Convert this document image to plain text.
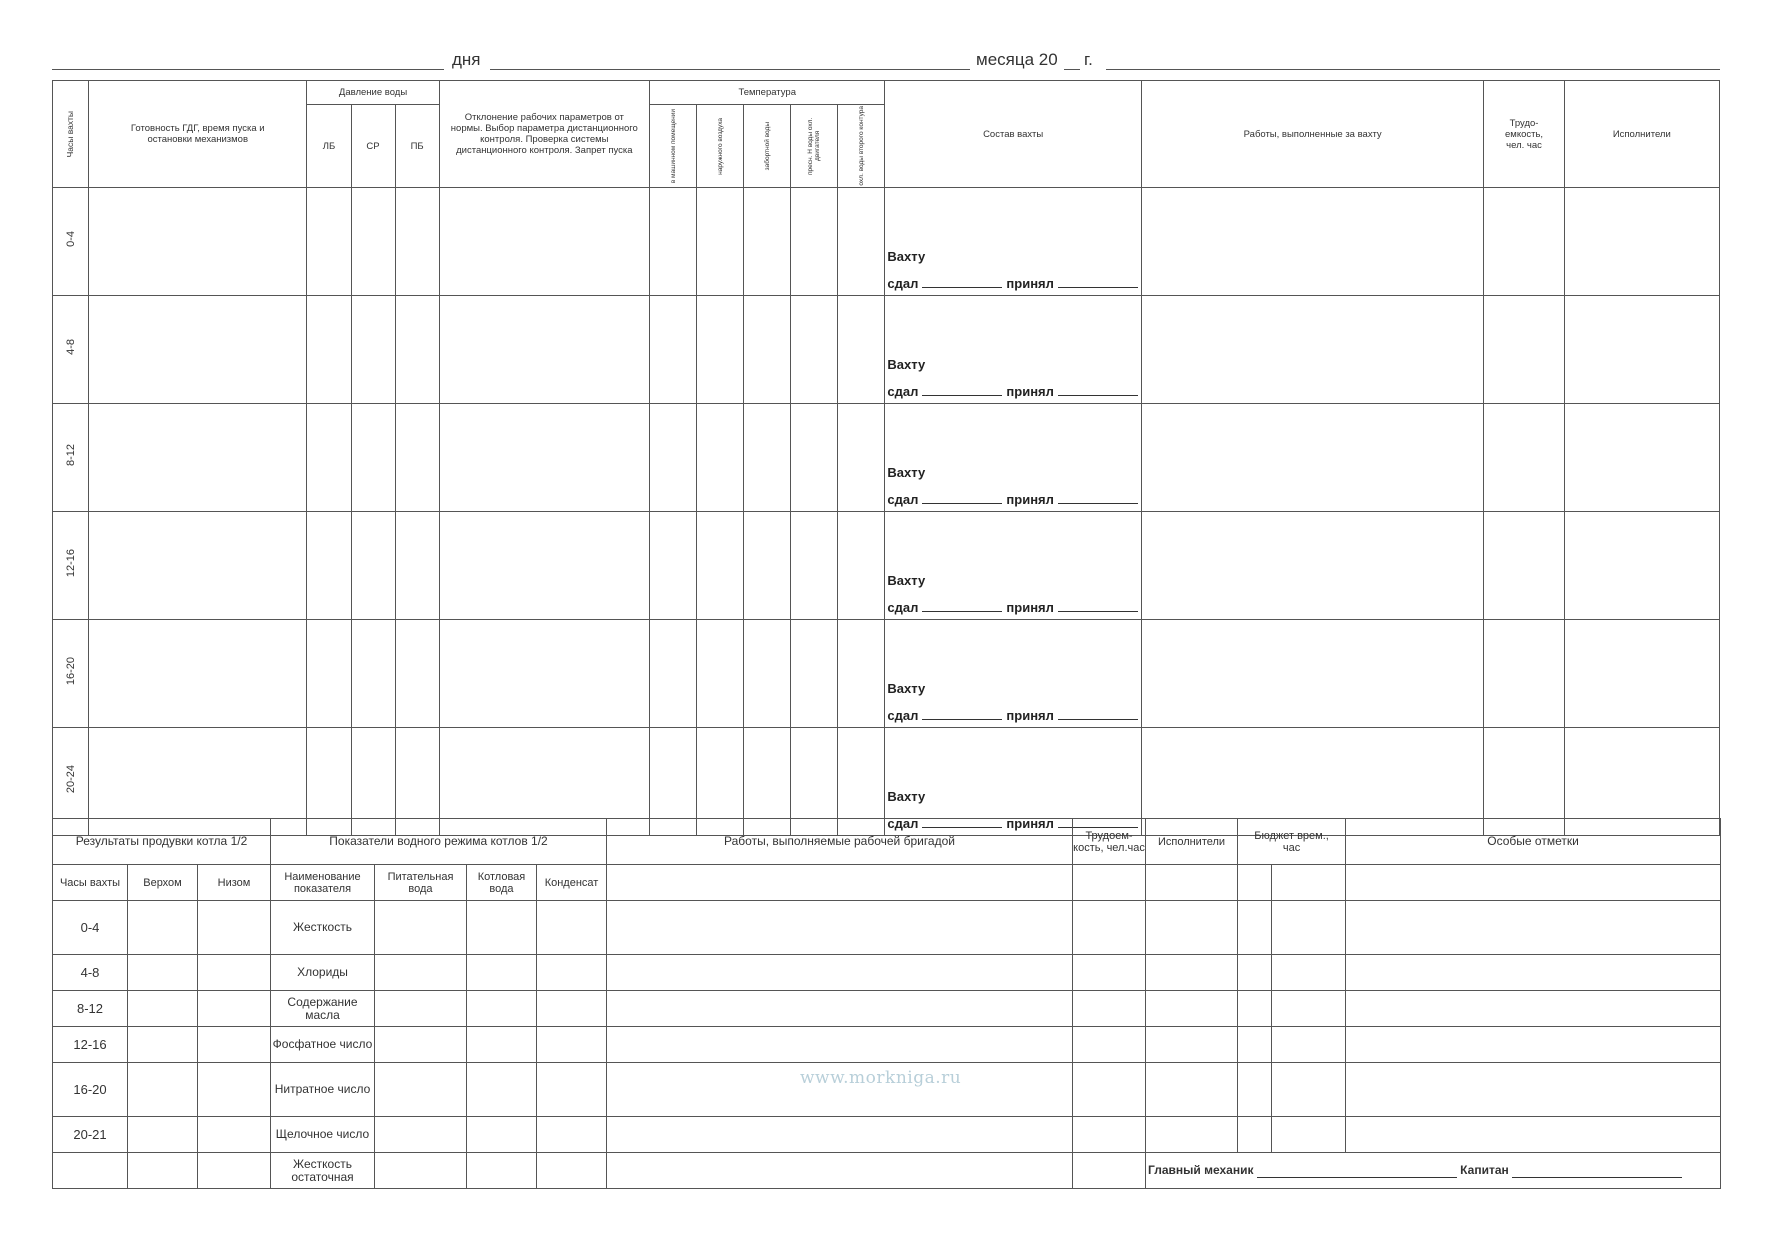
дня	месяца 20 г.
Часы вахты	Готовность ГДГ, время пуска и остановки механизмов	Давление воды			Отклонение рабочих параметров от нормы. Выбор параметра дистанционного контроля. Проверка системы дистанционного контроля. Запрет пуска	Температура					Состав вахты	Работы, выполненные за вахту	Трудо-емкость, чел. час	Исполнители
		ЛБ	СР	ПБ		в машинном помещении	наружного воздуха	забортной воды	пресн. H воды охл. двигателя	охл. воды второго контура				

0-4											Вахту
сдал принял			

4-8											Вахту
сдал принял			

8-12											Вахту
сдал принял			

12-16											Вахту
сдал принял			

16-20											Вахту
сдал принял			

20-24											Вахту
сдал принял			

Результаты продувки котла 1/2			Показатели водного режима котлов 1/2				Работы, выполняемые рабочей бригадой	Трудоем-кость, чел.час	Исполнители	Бюджет врем., час		Особые отметки
Часы вахты	Верхом	Низом	Наименование показателя	Питательная вода	Котловая вода	Конденсат						
0-4			Жесткость									
4-8			Хлориды									
8-12			Содержание масла									
12-16			Фосфатное число									
16-20			Нитратное число									
20-21			Щелочное число									
			Жесткость остаточная						Главный механик Капитан			
www.morkniga.ru
